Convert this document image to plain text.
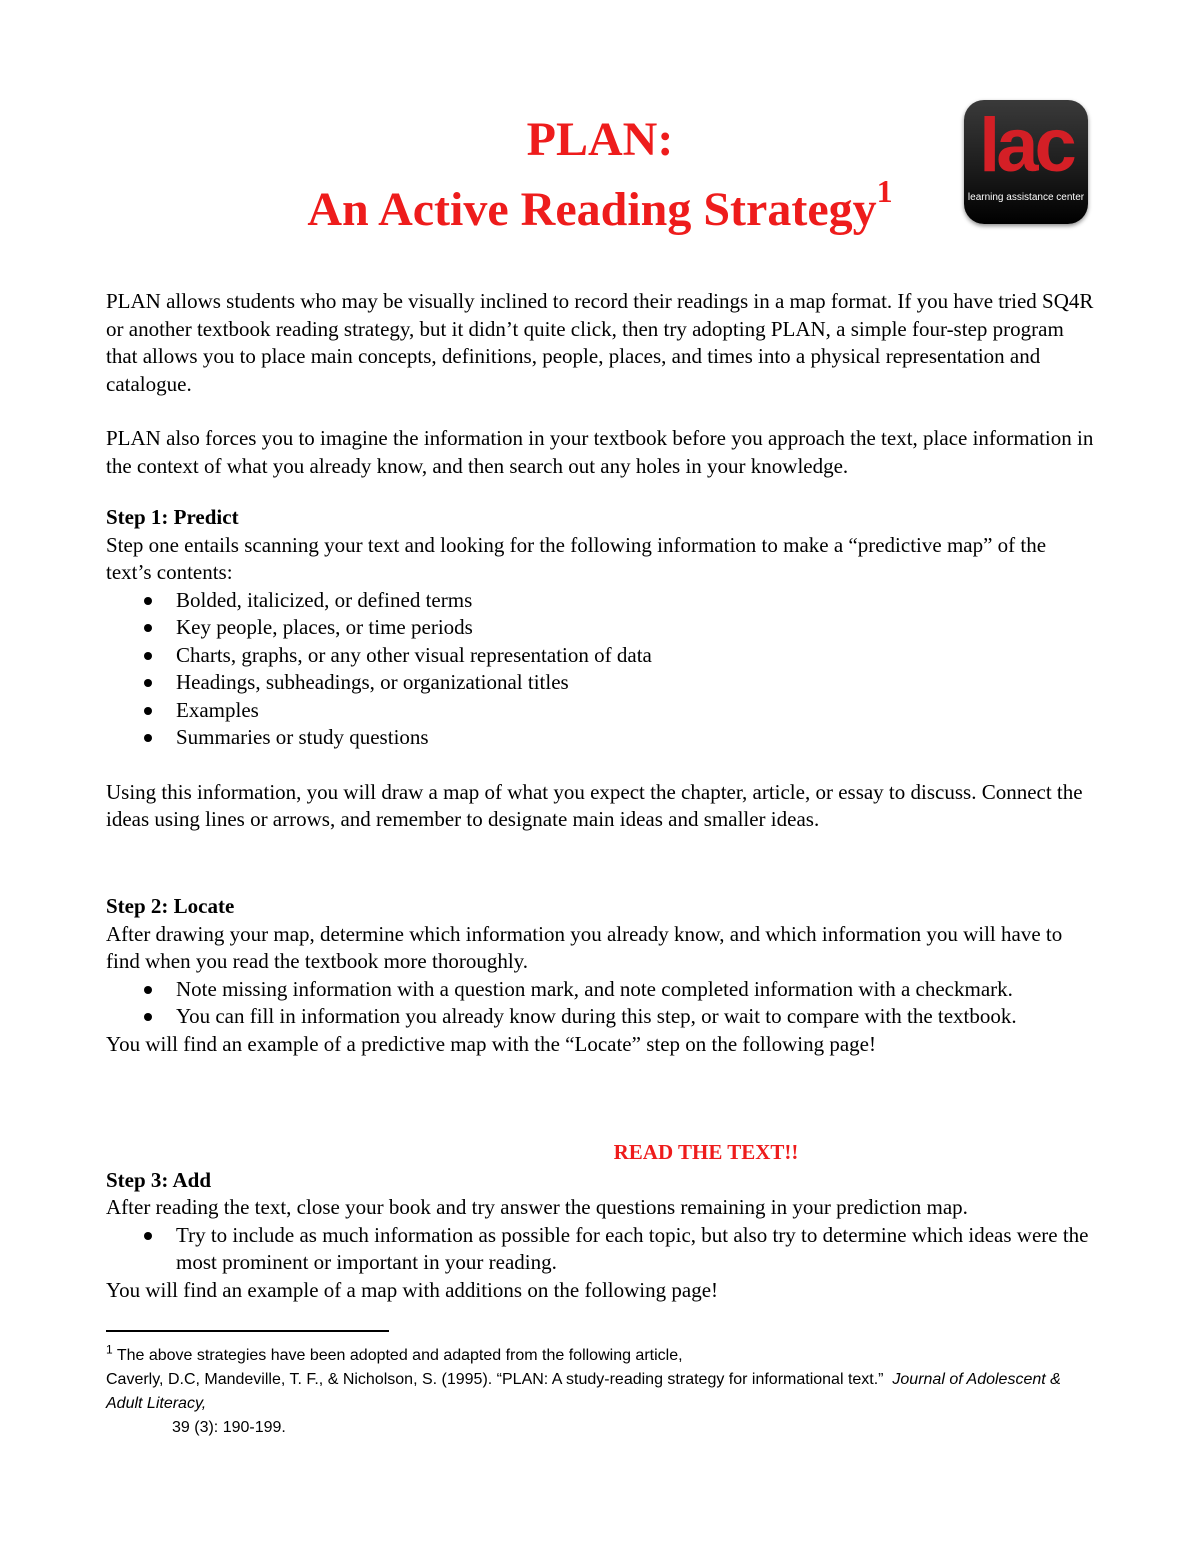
PLAN:
An Active Reading Strategy$^1$
lac
learning assistance center

PLAN allows students who may be visually inclined to record their readings in a map format. If you have tried SQ4R or another textbook reading strategy, but it didn’t quite click, then try adopting PLAN, a simple four-step program that allows you to place main concepts, definitions, people, places, and times into a physical representation and catalogue.

PLAN also forces you to imagine the information in your textbook before you approach the text, place information in the context of what you already know, and then search out any holes in your knowledge.

Step 1: Predict

Step one entails scanning your text and looking for the following information to make a “predictive map” of the text’s contents:

Bolded, italicized, or defined terms
Key people, places, or time periods
Charts, graphs, or any other visual representation of data
Headings, subheadings, or organizational titles
Examples
Summaries or study questions

Using this information, you will draw a map of what you expect the chapter, article, or essay to discuss. Connect the ideas using lines or arrows, and remember to designate main ideas and smaller ideas.

Step 2: Locate

After drawing your map, determine which information you already know, and which information you will have to find when you read the textbook more thoroughly.

Note missing information with a question mark, and note completed information with a checkmark.
You can fill in information you already know during this step, or wait to compare with the textbook.

You will find an example of a predictive map with the “Locate” step on the following page!

READ THE TEXT!!

Step 3: Add

After reading the text, close your book and try answer the questions remaining in your prediction map.

Try to include as much information as possible for each topic, but also try to determine which ideas were the most prominent or important in your reading.

You will find an example of a map with additions on the following page!

$^1$ The above strategies have been adopted and adapted from the following article,

Caverly, D.C, Mandeville, T. F., & Nicholson, S. (1995). “PLAN: A study-reading strategy for informational text.” Journal of Adolescent & Adult Literacy,

39 (3): 190-199.
